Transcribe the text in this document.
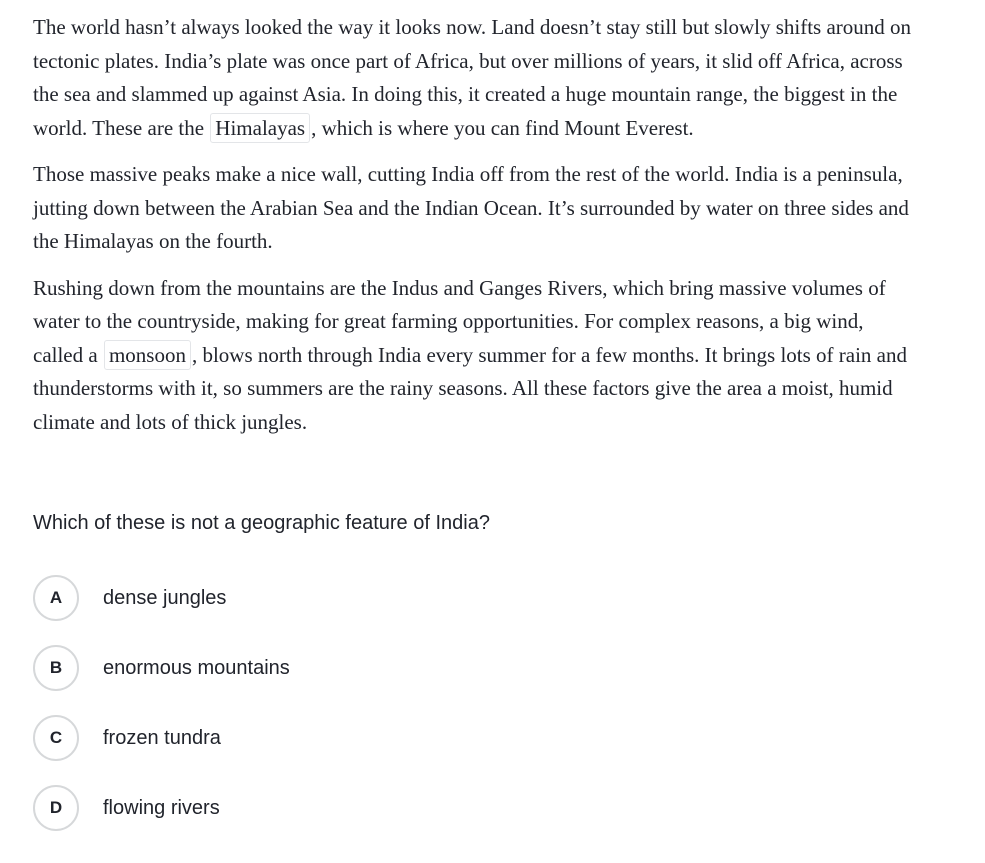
The world hasn’t always looked the way it looks now. Land doesn’t stay still but slowly shifts around on tectonic plates. India’s plate was once part of Africa, but over millions of years, it slid off Africa, across the sea and slammed up against Asia. In doing this, it created a huge mountain range, the biggest in the world. These are the Himalayas , which is where you can find Mount Everest.

Those massive peaks make a nice wall, cutting India off from the rest of the world. India is a peninsula, jutting down between the Arabian Sea and the Indian Ocean. It’s surrounded by water on three sides and the Himalayas on the fourth.

Rushing down from the mountains are the Indus and Ganges Rivers, which bring massive volumes of water to the countryside, making for great farming opportunities. For complex reasons, a big wind, called a monsoon , blows north through India every summer for a few months. It brings lots of rain and thunderstorms with it, so summers are the rainy seasons. All these factors give the area a moist, humid climate and lots of thick jungles.

Which of these is not a geographic feature of India?
A	dense jungles
B	enormous mountains
C	frozen tundra
D	flowing rivers
